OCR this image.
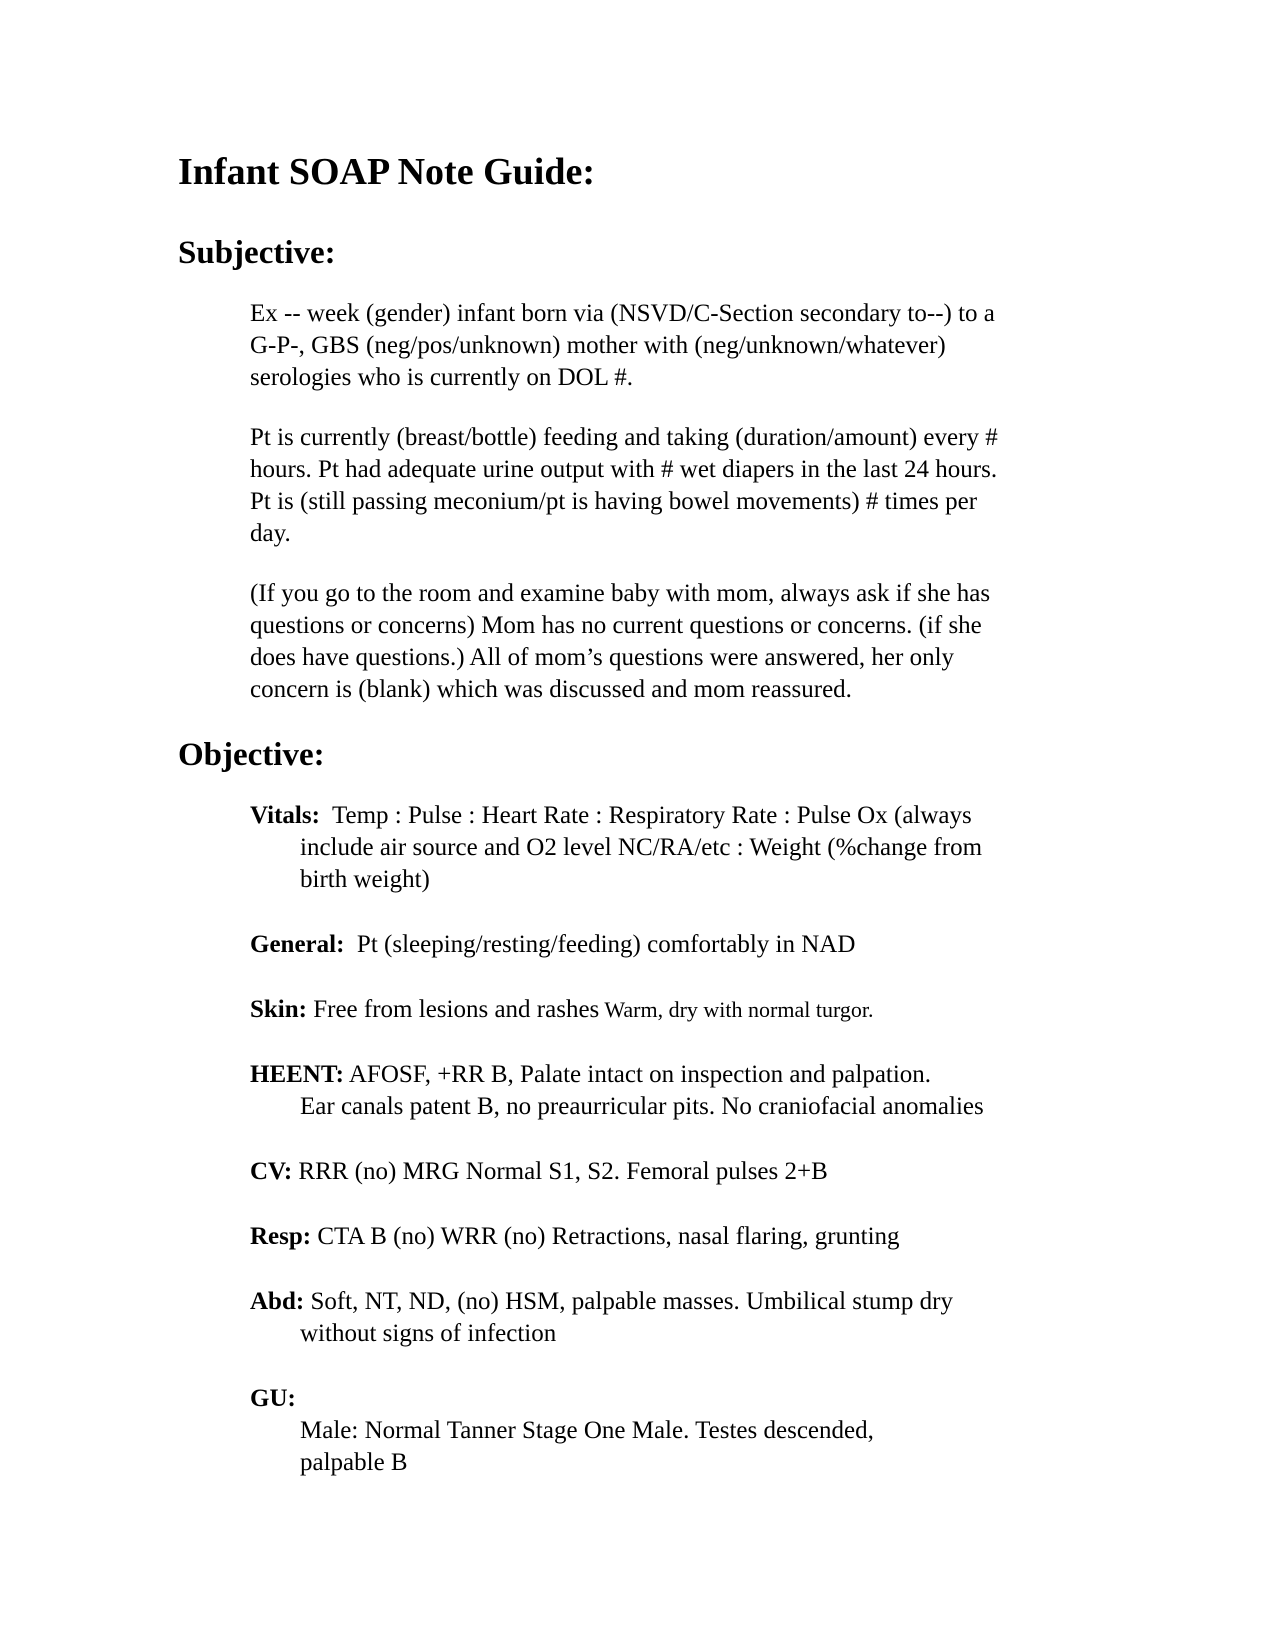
Infant SOAP Note Guide:
Subjective:
Ex -- week (gender) infant born via (NSVD/C-Section secondary to--) to a
G-P-, GBS (neg/pos/unknown) mother with (neg/unknown/whatever)
serologies who is currently on DOL #.
Pt is currently (breast/bottle) feeding and taking (duration/amount) every #
hours. Pt had adequate urine output with # wet diapers in the last 24 hours.
Pt is (still passing meconium/pt is having bowel movements) # times per
day.
(If you go to the room and examine baby with mom, always ask if she has
questions or concerns) Mom has no current questions or concerns. (if she
does have questions.) All of mom’s questions were answered, her only
concern is (blank) which was discussed and mom reassured.
Objective:
Vitals:  Temp : Pulse : Heart Rate : Respiratory Rate : Pulse Ox (always
include air source and O2 level NC/RA/etc : Weight (%change from
birth weight)
General:  Pt (sleeping/resting/feeding) comfortably in NAD
Skin: Free from lesions and rashes Warm, dry with normal turgor.
HEENT: AFOSF, +RR B, Palate intact on inspection and palpation.
Ear canals patent B, no preaurricular pits. No craniofacial anomalies
CV: RRR (no) MRG Normal S1, S2. Femoral pulses 2+B
Resp: CTA B (no) WRR (no) Retractions, nasal flaring, grunting
Abd: Soft, NT, ND, (no) HSM, palpable masses. Umbilical stump dry
without signs of infection
GU:
Male: Normal Tanner Stage One Male. Testes descended,
palpable B
